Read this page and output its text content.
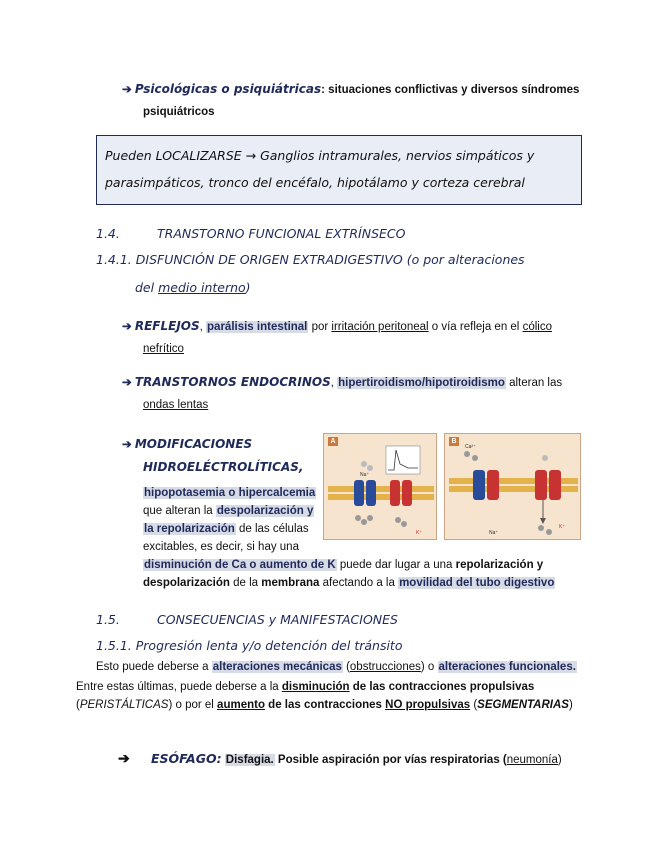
➔ Psicológicas o psiquiátricas: situaciones conflictivas y diversos síndromes
psiquiátricos
Pueden LOCALIZARSE → Ganglios intramurales, nervios simpáticos y
parasimpáticos, tronco del encéfalo, hipotálamo y corteza cerebral
1.4.	TRANSTORNO FUNCIONAL EXTRÍNSECO
1.4.1. DISFUNCIÓN DE ORIGEN EXTRADIGESTIVO (o por alteraciones
del medio interno)
➔ REFLEJOS, parálisis intestinal por irritación peritoneal o vía refleja en el cólico
nefrítico
➔ TRANSTORNOS ENDOCRINOS, hipertiroidismo/hipotiroidismo alteran las
ondas lentas
➔ MODIFICACIONES
HIDROELÉCTROLÍTICAS,
hipopotasemia o hipercalcemia
que alteran la despolarización y
la repolarización de las células
excitables, es decir, si hay una
disminución de Ca o aumento de K puede dar lugar a una repolarización y
despolarización de la membrana afectando a la movilidad del tubo digestivo
A
Na⁺
K⁺
B
Ca²⁺
Na⁺
K⁺
1.5.	CONSECUENCIAS y MANIFESTACIONES
1.5.1. Progresión lenta y/o detención del tránsito
Esto puede deberse a alteraciones mecánicas (obstrucciones) o alteraciones funcionales.
Entre estas últimas, puede deberse a la disminución de las contracciones propulsivas
(PERISTÁLTICAS) o por el aumento de las contracciones NO propulsivas (SEGMENTARIAS)
➔ ESÓFAGO: Disfagia. Posible aspiración por vías respiratorias (neumonía)
